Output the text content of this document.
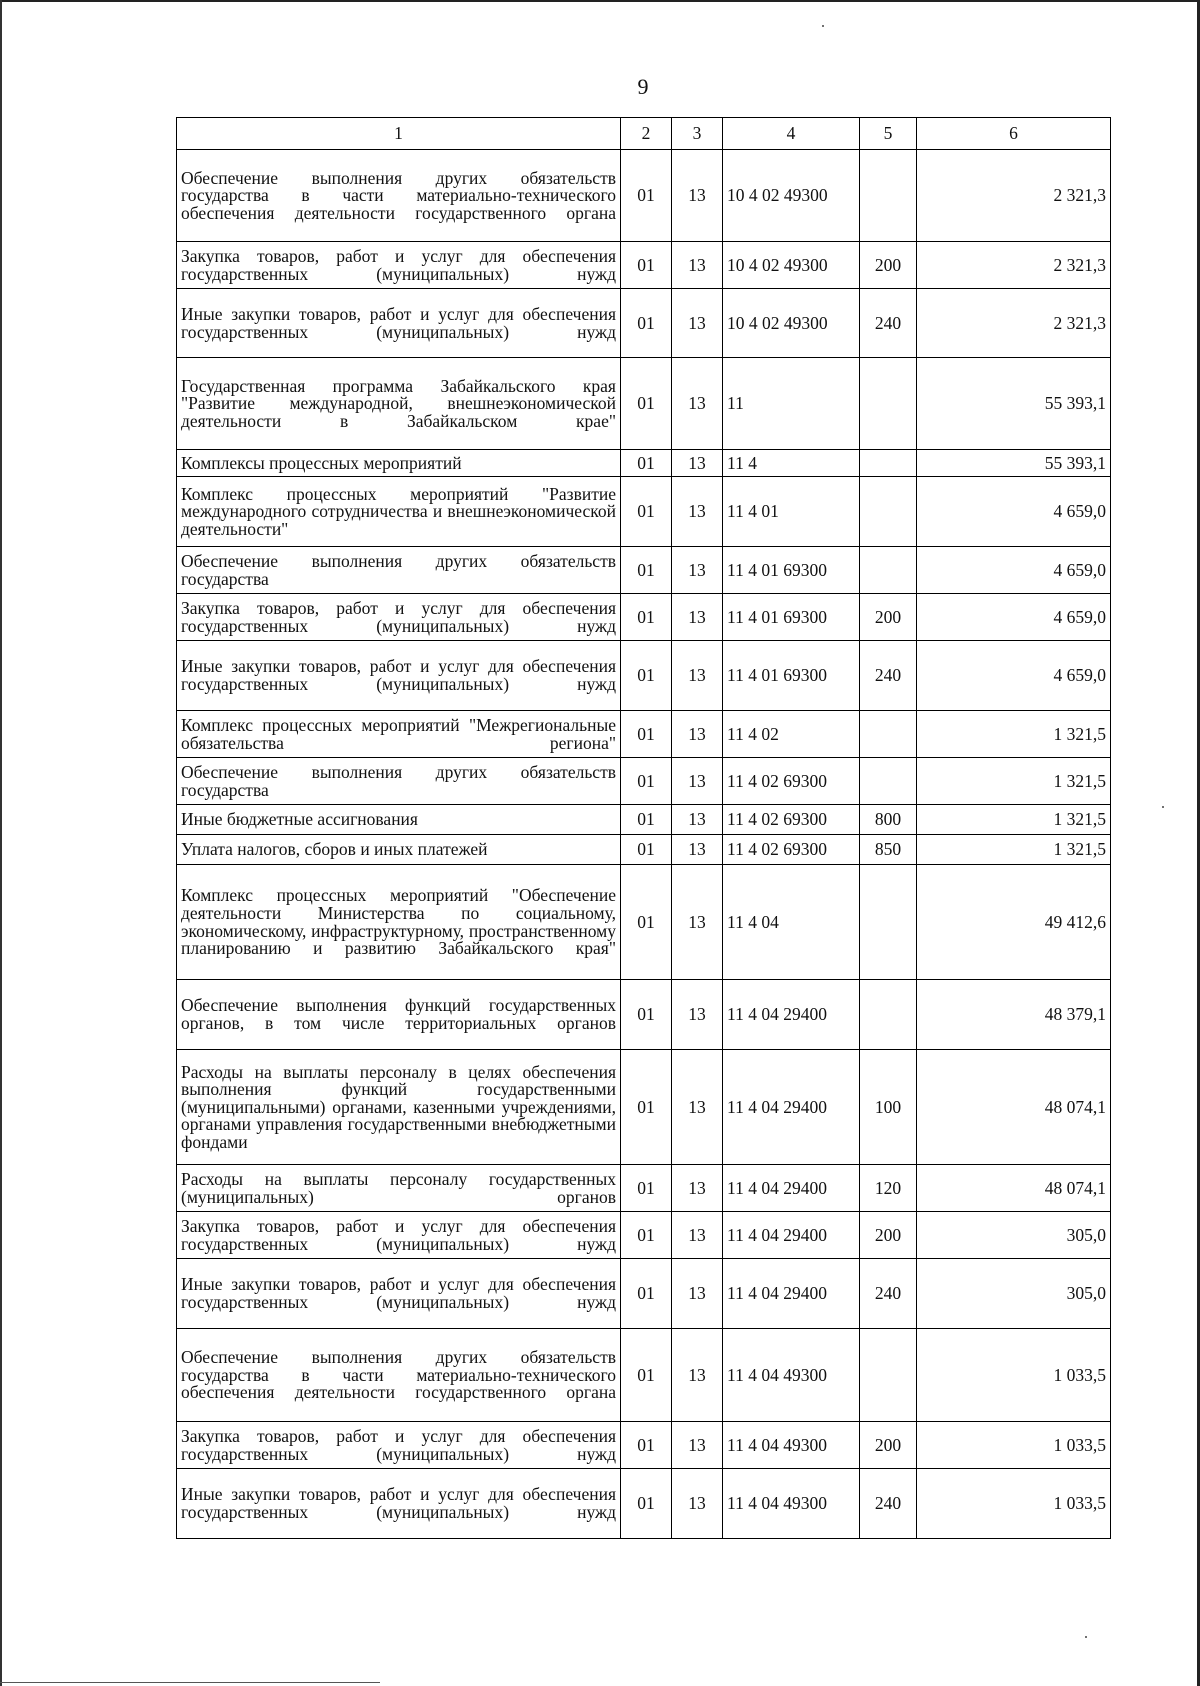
9
1	2	3	4	5	6
Обеспечение выполнения других обязательств государства в части материально-технического обеспечения деятельности государственного органа	01	13	10 4 02 49300		2 321,3
Закупка товаров, работ и услуг для обеспечения государственных (муниципальных) нужд	01	13	10 4 02 49300	200	2 321,3
Иные закупки товаров, работ и услуг для обеспечения государственных (муниципальных) нужд	01	13	10 4 02 49300	240	2 321,3
Государственная программа Забайкальского края "Развитие международной, внешнеэкономической деятельности в Забайкальском крае"	01	13	11		55 393,1
Комплексы процессных мероприятий	01	13	11 4		55 393,1
Комплекс процессных мероприятий "Развитие международного сотрудничества и внешнеэкономической деятельности"	01	13	11 4 01		4 659,0
Обеспечение выполнения других обязательств государства	01	13	11 4 01 69300		4 659,0
Закупка товаров, работ и услуг для обеспечения государственных (муниципальных) нужд	01	13	11 4 01 69300	200	4 659,0
Иные закупки товаров, работ и услуг для обеспечения государственных (муниципальных) нужд	01	13	11 4 01 69300	240	4 659,0
Комплекс процессных мероприятий "Межрегиональные обязательства региона"	01	13	11 4 02		1 321,5
Обеспечение выполнения других обязательств государства	01	13	11 4 02 69300		1 321,5
Иные бюджетные ассигнования	01	13	11 4 02 69300	800	1 321,5
Уплата налогов, сборов и иных платежей	01	13	11 4 02 69300	850	1 321,5
Комплекс процессных мероприятий "Обеспечение деятельности Министерства по социальному, экономическому, инфраструктурному, пространственному планированию и развитию Забайкальского края"	01	13	11 4 04		49 412,6
Обеспечение выполнения функций государственных органов, в том числе территориальных органов	01	13	11 4 04 29400		48 379,1
Расходы на выплаты персоналу в целях обеспечения выполнения функций государственными (муниципальными) органами, казенными учреждениями, органами управления государственными внебюджетными фондами	01	13	11 4 04 29400	100	48 074,1
Расходы на выплаты персоналу государственных (муниципальных) органов	01	13	11 4 04 29400	120	48 074,1
Закупка товаров, работ и услуг для обеспечения государственных (муниципальных) нужд	01	13	11 4 04 29400	200	305,0
Иные закупки товаров, работ и услуг для обеспечения государственных (муниципальных) нужд	01	13	11 4 04 29400	240	305,0
Обеспечение выполнения других обязательств государства в части материально-технического обеспечения деятельности государственного органа	01	13	11 4 04 49300		1 033,5
Закупка товаров, работ и услуг для обеспечения государственных (муниципальных) нужд	01	13	11 4 04 49300	200	1 033,5
Иные закупки товаров, работ и услуг для обеспечения государственных (муниципальных) нужд	01	13	11 4 04 49300	240	1 033,5
